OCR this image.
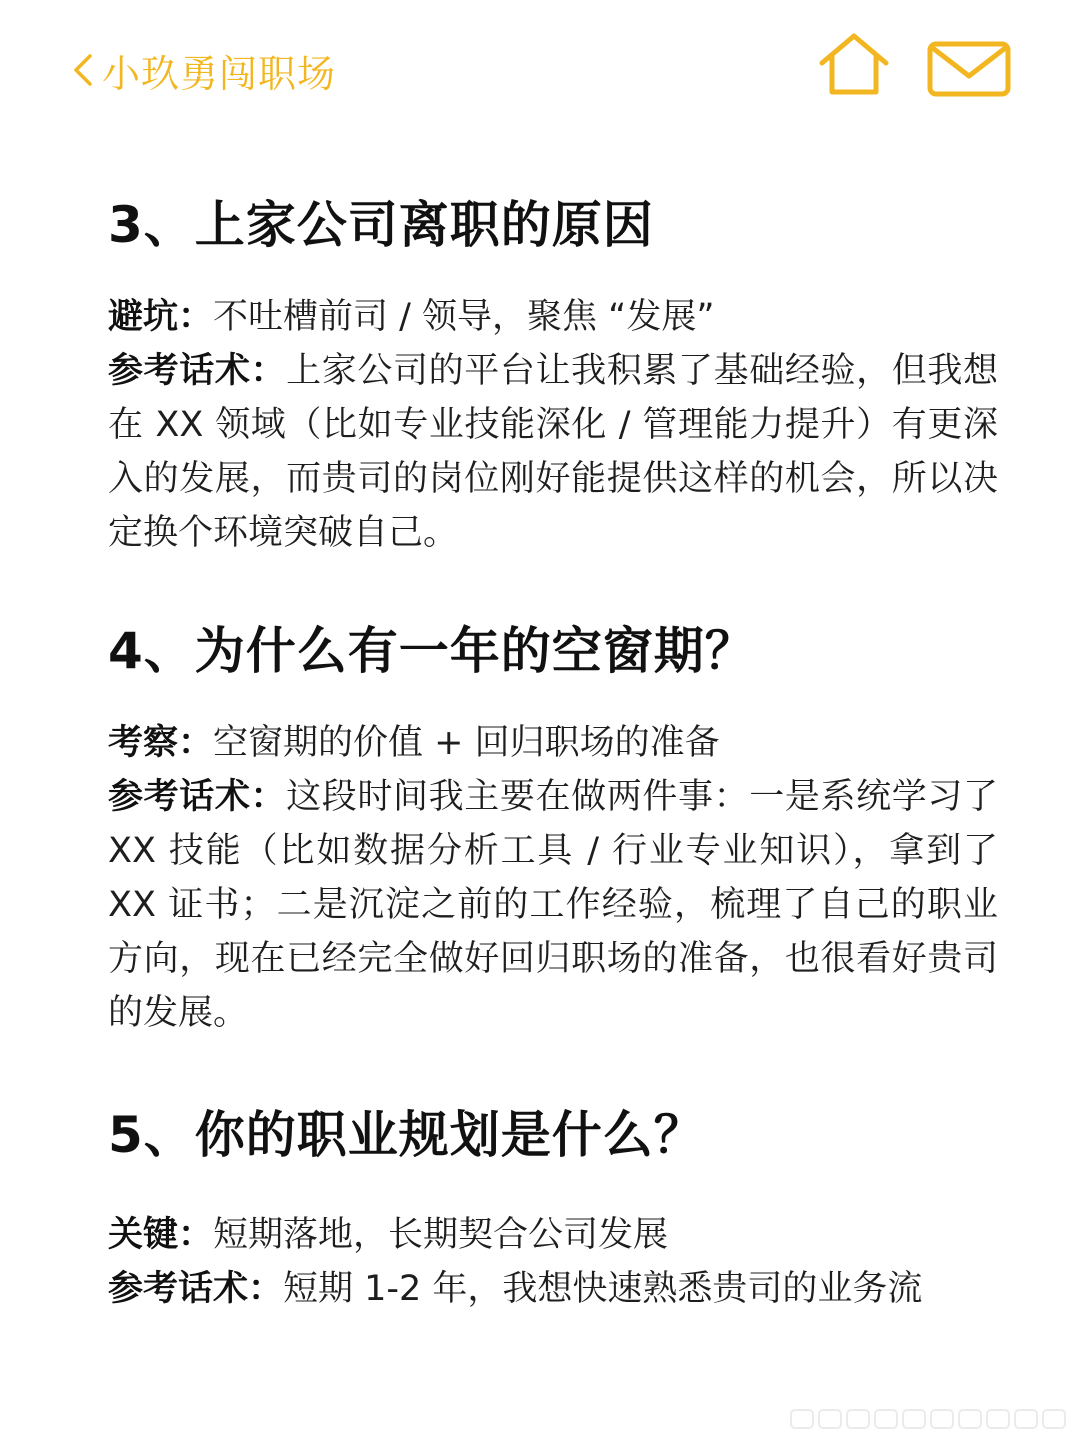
小玖勇闯职场
3、上家公司离职的原因

避坑：不吐槽前司 / 领导，聚焦 “发展”

参考话术：上家公司的平台让我积累了基础经验，但我想在 XX 领域（比如专业技能深化 / 管理能力提升）有更深入的发展，而贵司的岗位刚好能提供这样的机会，所以决定换个环境突破自己。

4、为什么有一年的空窗期？

考察：空窗期的价值 + 回归职场的准备

参考话术：这段时间我主要在做两件事：一是系统学习了 XX 技能（比如数据分析工具 / 行业专业知识），拿到了 XX 证书；二是沉淀之前的工作经验，梳理了自己的职业方向，现在已经完全做好回归职场的准备，也很看好贵司的发展。

5、你的职业规划是什么？

关键：短期落地，长期契合公司发展

参考话术：短期 1-2 年，我想快速熟悉贵司的业务流
